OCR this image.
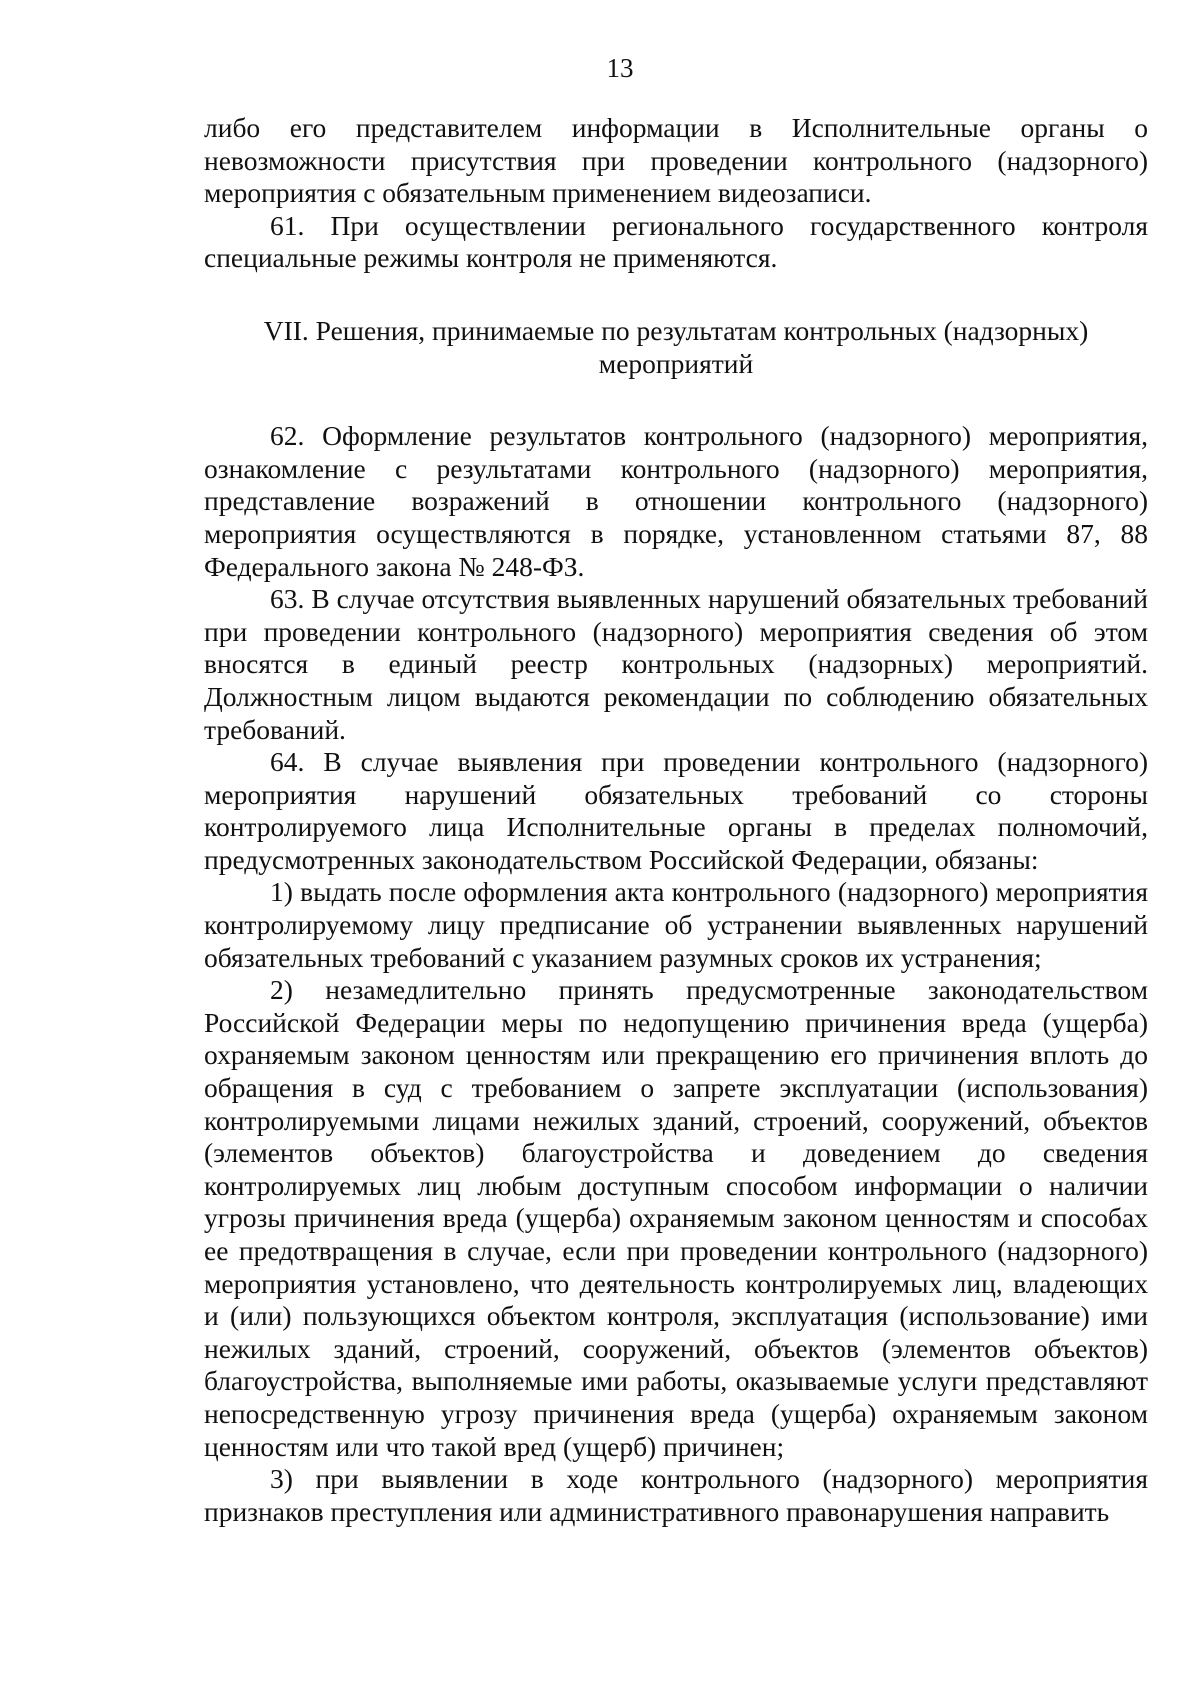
13

либо его представителем информации в Исполнительные органы о невозможности присутствия при проведении контрольного (надзорного) мероприятия с обязательным применением видеозаписи.

61. При осуществлении регионального государственного контроля специальные режимы контроля не применяются.

VII. Решения, принимаемые по результатам контрольных (надзорных)
мероприятий

62. Оформление результатов контрольного (надзорного) мероприятия, ознакомление с результатами контрольного (надзорного) мероприятия, представление возражений в отношении контрольного (надзорного) мероприятия осуществляются в порядке, установленном статьями 87, 88 Федерального закона № 248-ФЗ.

63. В случае отсутствия выявленных нарушений обязательных требований при проведении контрольного (надзорного) мероприятия сведения об этом вносятся в единый реестр контрольных (надзорных) мероприятий. Должностным лицом выдаются рекомендации по соблюдению обязательных требований.

64. В случае выявления при проведении контрольного (надзорного) мероприятия нарушений обязательных требований со стороны контролируемого лица Исполнительные органы в пределах полномочий, предусмотренных законодательством Российской Федерации, обязаны:

1) выдать после оформления акта контрольного (надзорного) мероприятия контролируемому лицу предписание об устранении выявленных нарушений обязательных требований с указанием разумных сроков их устранения;

2) незамедлительно принять предусмотренные законодательством Российской Федерации меры по недопущению причинения вреда (ущерба) охраняемым законом ценностям или прекращению его причинения вплоть до обращения в суд с требованием о запрете эксплуатации (использования) контролируемыми лицами нежилых зданий, строений, сооружений, объектов (элементов объектов) благоустройства и доведением до сведения контролируемых лиц любым доступным способом информации о наличии угрозы причинения вреда (ущерба) охраняемым законом ценностям и способах ее предотвращения в случае, если при проведении контрольного (надзорного) мероприятия установлено, что деятельность контролируемых лиц, владеющих и (или) пользующихся объектом контроля, эксплуатация (использование) ими нежилых зданий, строений, сооружений, объектов (элементов объектов) благоустройства, выполняемые ими работы, оказываемые услуги представляют непосредственную угрозу причинения вреда (ущерба) охраняемым законом ценностям или что такой вред (ущерб) причинен;

3) при выявлении в ходе контрольного (надзорного) мероприятия признаков преступления или административного правонарушения направить
